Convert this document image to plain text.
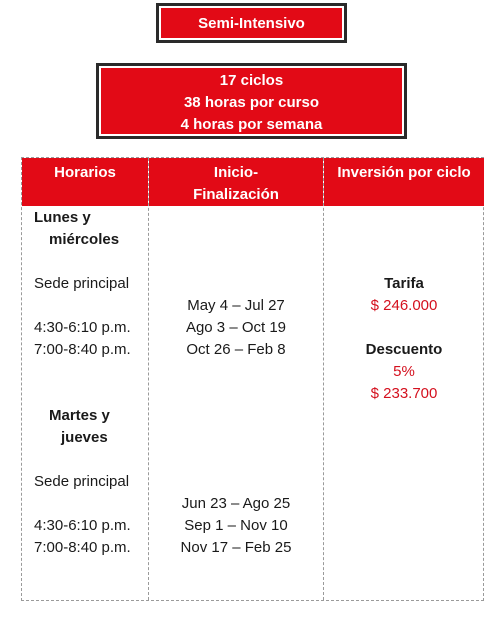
Semi-Intensivo
17 ciclos
38 horas por curso
4 horas por semana
Horarios	Inicio-
Finalización
Inversión por ciclo
Lunes y
miércoles
Sede principal
4:30-6:10 p.m.
7:00-8:40 p.m.
May 4 – Jul 27
Ago 3 – Oct 19
Oct 26 – Feb 8
Martes y
jueves
Sede principal
4:30-6:10 p.m.
7:00-8:40 p.m.
Jun 23 – Ago 25
Sep 1 – Nov 10
Nov 17 – Feb 25
Tarifa
$ 246.000
Descuento
5%
$ 233.700
